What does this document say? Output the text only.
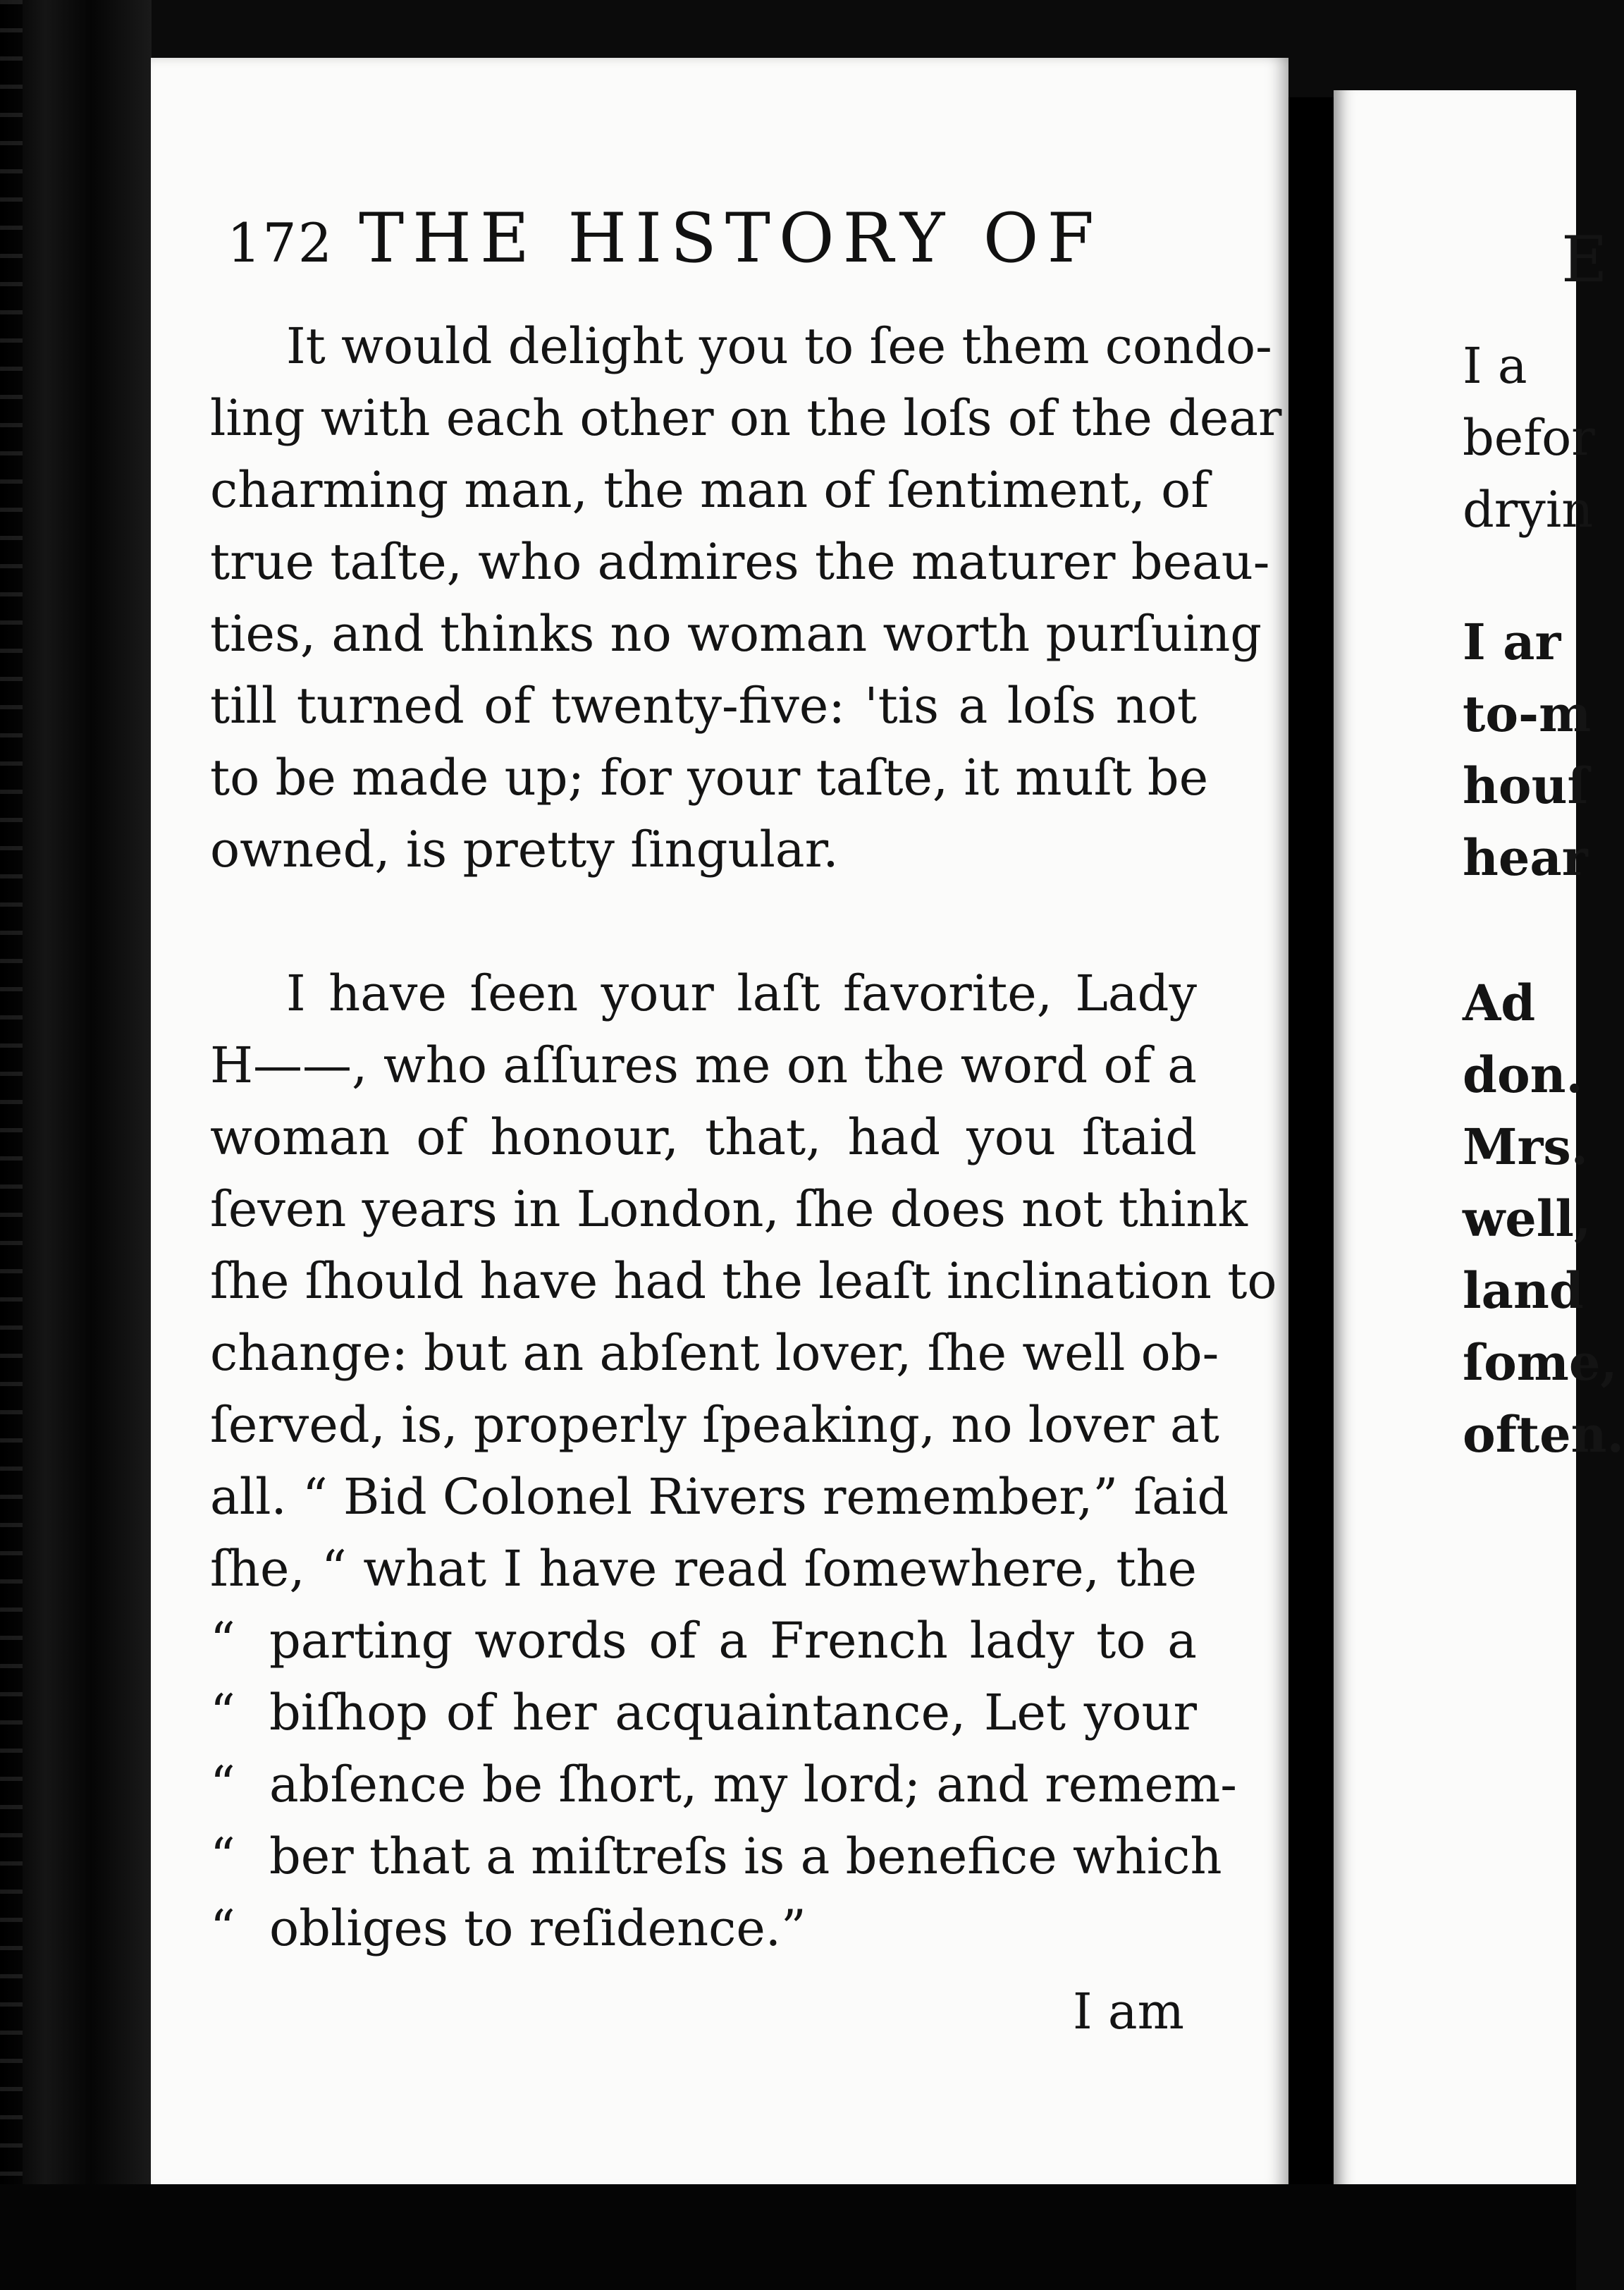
172 THE HISTORY OF
It would delight you to ſee them condo-
ling with each other on the loſs of the dear
charming man, the man of ſentiment, of
true taſte, who admires the maturer beau-
ties, and thinks no woman worth purſuing
till turned of twenty-five: 'tis a loſs not
to be made up; for your taſte, it muſt be
owned, is pretty ſingular.
I have ſeen your laſt favorite, Lady
H——, who aſſures me on the word of a
woman of honour, that, had you ſtaid
ſeven years in London, ſhe does not think
ſhe ſhould have had the leaſt inclination to
change: but an abſent lover, ſhe well ob-
ſerved, is, properly ſpeaking, no lover at
all. “ Bid Colonel Rivers remember,” ſaid
ſhe, “ what I have read ſomewhere, the
“ parting words of a French lady to a
“ biſhop of her acquaintance, Let your
“ abſence be ſhort, my lord; and remem-
“ ber that a miſtreſs is a benefice which
“ obliges to reſidence.”
I am
E
I a
befor
dryin
I ar
to-m
houſ
hear
Ad
don.
Mrs.
well,
land
ſome,
often.
